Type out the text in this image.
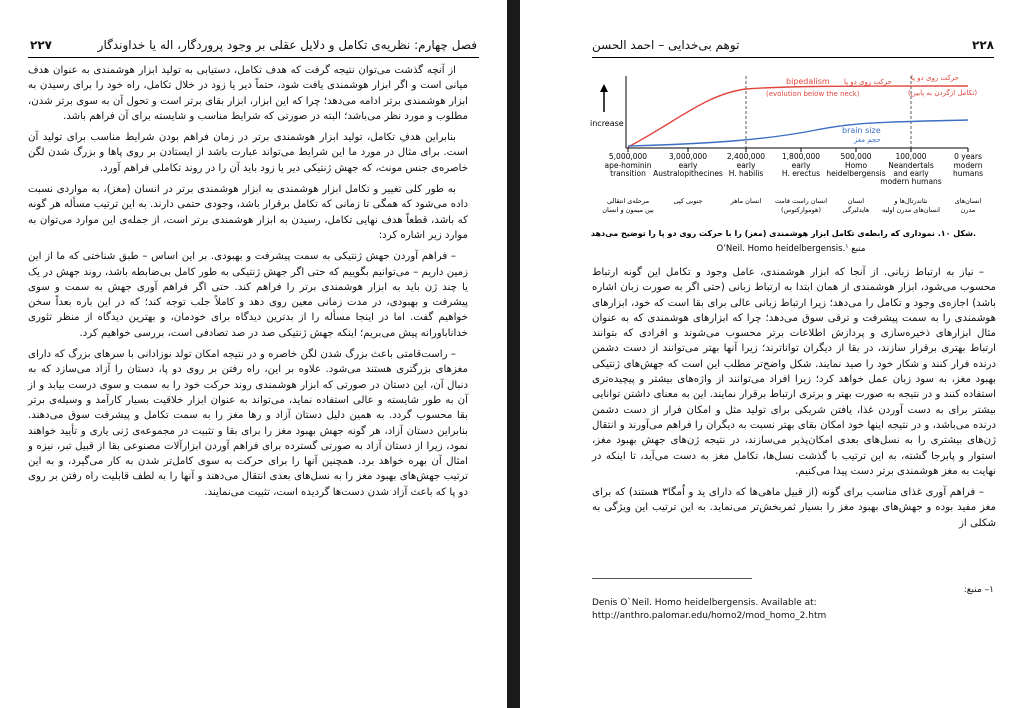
۲۲۷	فصل چهارم: نظریه‌ی تکامل و دلایل عقلی بر وجود پروردگار، اله یا خداوند‌گار

از آنچه گذشت می‌توان نتیجه گرفت که هدف تکامل، دستیابی به تولید ابزار هوشمندی به عنوان هدف میانی است و اگر ابزار هوشمندی یافت شود، حتماً دیر یا زود در خلال تکامل، راه خود را برای رسیدن به ابزار هوشمندی برتر ادامه می‌دهد؛ چرا که این ابزار، ابزار بقای برتر است و تحول آن به سوی برتر شدن، مطلوب و مورد نظر می‌باشد؛ البته در صورتی که شرایط مناسب و شایسته برای آن فراهم باشد.

بنابراین هدفِ تکامل، تولید ابزار هوشمندی برتر در زمان فراهم بودن شرایط مناسب برای تولید آن است. برای مثال در مورد ما این شرایط می‌تواند عبارت باشد از ایستادن بر روی پاها و بزرگ شدن لگن خاصره‌ی جنس مونث، که جهش ژنتیکی دیر یا زود باید آن را در روند تکاملی فراهم آورد.

به طور کلی تغییر و تکامل ابزار هوشمندی به ابزار هوشمندی برتر در انسان (مغز)، به مواردی نسبت داده می‌شود که همگی تا زمانی که تکامل برقرار باشد، وجودی حتمی دارند. به این ترتیب مسأله هر گونه که باشد، قطعاً هدف نهایی تکامل، رسیدن به ابزار هوشمندی برتر است، از جمله‌ی این موارد می‌توان به موارد زیر اشاره کرد:

– فراهم آوردن جهش ژنتیکی به سمت پیشرفت و بهبودی. بر این اساس – طبق شناختی که ما از این زمین داریم – می‌توانیم بگوییم که حتی اگر جهش ژنتیکی به طور کامل بی‌ضابطه باشد، روند جهش در یک یا چند ژن باید به ابزار هوشمندی برتر را فراهم کند. حتی اگر فراهم آوری جهش به سمت و سوی پیشرفت و بهبودی، در مدت زمانی معین روی دهد و کاملاً جلب توجه کند؛ که در این باره بعداً سخن خواهیم گفت. اما در اینجا مسأله را از بدترین دیدگاه برای خودمان، و بهترین دیدگاه از منظر تئوری خداناباورانه پیش می‌بریم؛ اینکه جهش ژنتیکی صد در صد تصادفی است، بررسی خواهیم کرد.

– راست‌قامتی باعث بزرگ شدن لگن خاصره و در نتیجه امکان تولد نوزادانی با سرهای بزرگ که دارای مغزهای بزرگتری هستند می‌شود. علاوه بر این، راه رفتن بر روی دو پا، دستان را آزاد می‌سازد که به دنبال آن، این دستان در صورتی که ابزار هوشمندی روند حرکت خود را به سمت و سوی درست بیابد و از آن به طور شایسته و عالی استفاده نماید، می‌تواند به عنوان ابزار خلاقیت بسیار کارآمد و وسیله‌ی برتر بقا محسوب گردد. به همین دلیل دستان آزاد و رها مغز را به سمت تکامل و پیشرفت سوق می‌دهند. بنابراین دستان آزاد، هر گونه جهش بهبود مغز را برای بقا و تثبیت در مجموعه‌ی ژنی یاری و تأیید خواهند نمود، زیرا از دستان آزاد به صورتی گسترده برای فراهم آوردن ابزارآلات مصنوعی بقا از قبیل تبر، نیزه و امثال آن بهره خواهد برد. همچنین آنها را برای حرکت به سوی کامل‌تر شدن به کار می‌گیرد، و به این ترتیب جهش‌های بهبود مغز را به نسل‌های بعدی انتقال می‌دهند و آنها را به لطف قابلیت راه رفتن بر روی دو پا که باعث آزاد شدن دست‌ها گردیده است، تثبیت می‌نمایند.

۲۲۸
توهم بی‌خدایی – احمد الحسن
increase
bipedalism حرکت روی دو پا
(evolution below the neck)
حرکت روی دو پا
(تکامل ازگردن به پایین)
brain size
حجم مغز
5,000,000
ape-hominin
transition
مرحله‌ی انتقالی
بین میمون و انسان
3,000,000
early
Australopithecines
جنوبی کپی
2,400,000
early
H. habilis
انسان ماهر
1,800,000
early
H. erectus
انسان راست قامت
(هوموارکتوس)
500,000
Homo
heidelbergensis
انسان
هایدلبرگی
100,000
Neandertals
and early
modern humans
نئاندرتال‌ها و
انسان‌های مدرن اولیه
0 years
modern
humans
انسان‌های
مدرن
شکل ۱۰. نموداری که رابطه‌ی تکامل ابزار هوشمندی (مغز) را با حرکت روی دو پا را توضیح می‌دهد.
O’Neil. Homo heidelbergensis.$^۱$ منبع

– نیاز به ارتباط زبانی. از آنجا که ابزار هوشمندی، عامل وجود و تکامل این گونه ارتباط محسوب می‌شود، ابزار هوشمندی از همان ابتدا به ارتباط زبانی (حتی اگر به صورت زبان اشاره باشد) اجازه‌ی وجود و تکامل را می‌دهد؛ زیرا ارتباط زبانی عالی برای بقا است که خود، ابزارهای هوشمندی را به سمت پیشرفت و ترقی سوق می‌دهد؛ چرا که ابزارهای هوشمندی که به عنوان مثال ابزارهای ذخیره‌سازی و پردازش اطلاعات برتر محسوب می‌شوند و افرادی که بتوانند ارتباط بهتری برقرار سازند، در بقا از دیگران تواناترند؛ زیرا آنها بهتر می‌توانند از دست دشمن درنده فرار کنند و شکار خود را صید نمایند. شکل واضح‌تر مطلب این است که جهش‌های ژنتیکی بهبود مغز، به سود زبان عمل خواهد کرد؛ زیرا افراد می‌توانند از واژه‌های بیشتر و پیچیده‌تری استفاده کنند و در نتیجه به صورت بهتر و برتری ارتباط برقرار نمایند. این به معنای داشتن توانایی بیشتر برای به دست آوردن غذا، یافتن شریکی برای تولید مثل و امکان فرار از دست دشمن درنده می‌باشد، و در نتیجه اینها خود امکان بقای بهتر نسبت به دیگران را فراهم می‌آورند و انتقال ژن‌های بیشتری را به نسل‌های بعدی امکان‌پذیر می‌سازند، در نتیجه ژن‌های جهش بهبود مغز، استوار و پابرجا گشته، به این ترتیب با گذشت نسل‌ها، تکامل مغز به دست می‌آید، تا اینکه در نهایت به مغز هوشمندی برتر دست پیدا می‌کنیم.

– فراهم آوری غذای مناسب برای گونه (از قبیل ماهی‌ها که دارای ید و اُمگا۳ هستند) که برای مغز مفید بوده و جهش‌های بهبود مغز را بسیار ثمربخش‌تر می‌نماید. به این ترتیب این ویژگی به شکلی از

۱– منبع:
Denis O`Neil. Homo heidelbergensis. Available at:
http://anthro.palomar.edu/homo2/mod_homo_2.htm
